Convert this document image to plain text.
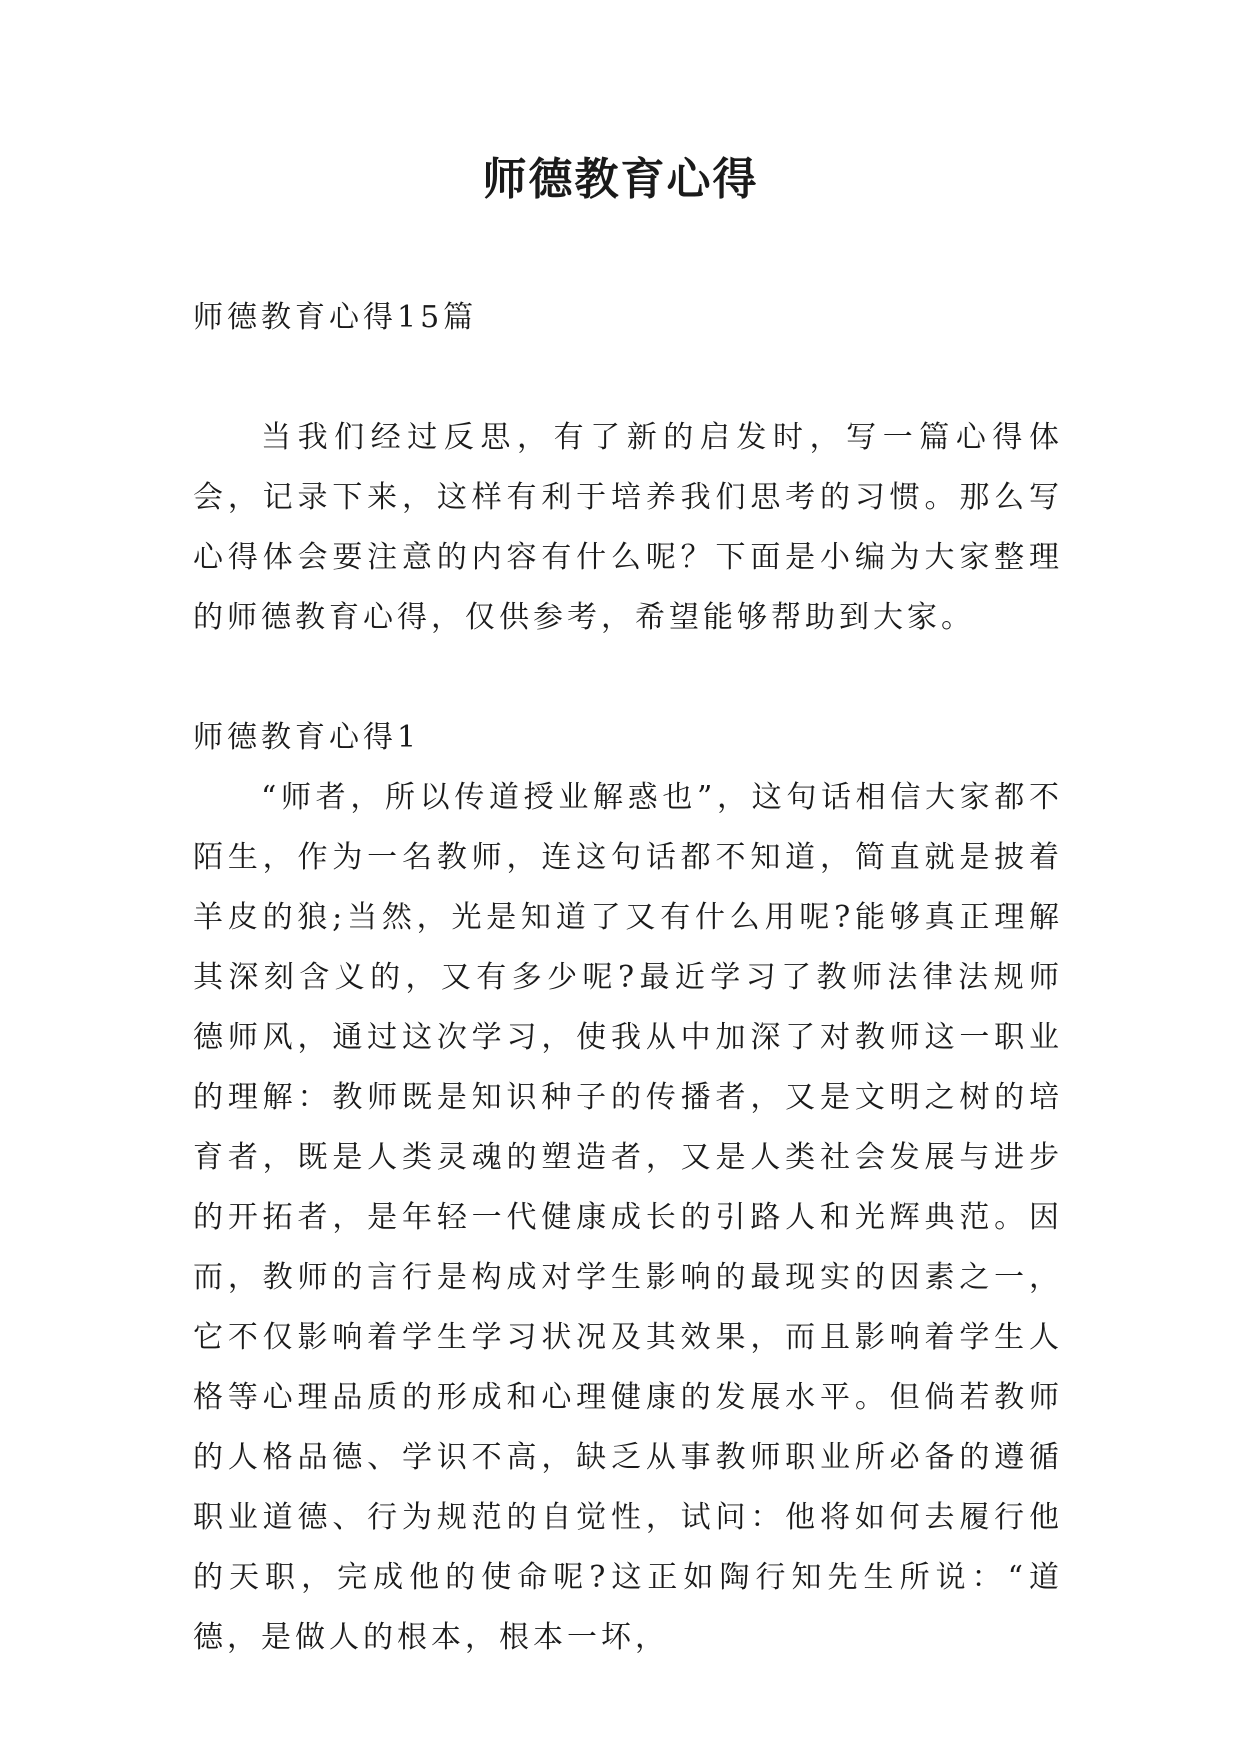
师德教育心得

师德教育心得15篇

当我们经过反思，有了新的启发时，写一篇心得体会，记录下来，这样有利于培养我们思考的习惯。那么写心得体会要注意的内容有什么呢？下面是小编为大家整理的师德教育心得，仅供参考，希望能够帮助到大家。

师德教育心得1

“师者，所以传道授业解惑也”，这句话相信大家都不陌生，作为一名教师，连这句话都不知道，简直就是披着羊皮的狼;当然，光是知道了又有什么用呢?能够真正理解其深刻含义的，又有多少呢?最近学习了教师法律法规师德师风，通过这次学习，使我从中加深了对教师这一职业的理解：教师既是知识种子的传播者，又是文明之树的培育者，既是人类灵魂的塑造者，又是人类社会发展与进步的开拓者，是年轻一代健康成长的引路人和光辉典范。因而，教师的言行是构成对学生影响的最现实的因素之一，它不仅影响着学生学习状况及其效果，而且影响着学生人格等心理品质的形成和心理健康的发展水平。但倘若教师的人格品德、学识不高，缺乏从事教师职业所必备的遵循职业道德、行为规范的自觉性，试问：他将如何去履行他的天职，完成他的使命呢?这正如陶行知先生所说：“道德，是做人的根本，根本一坏，
